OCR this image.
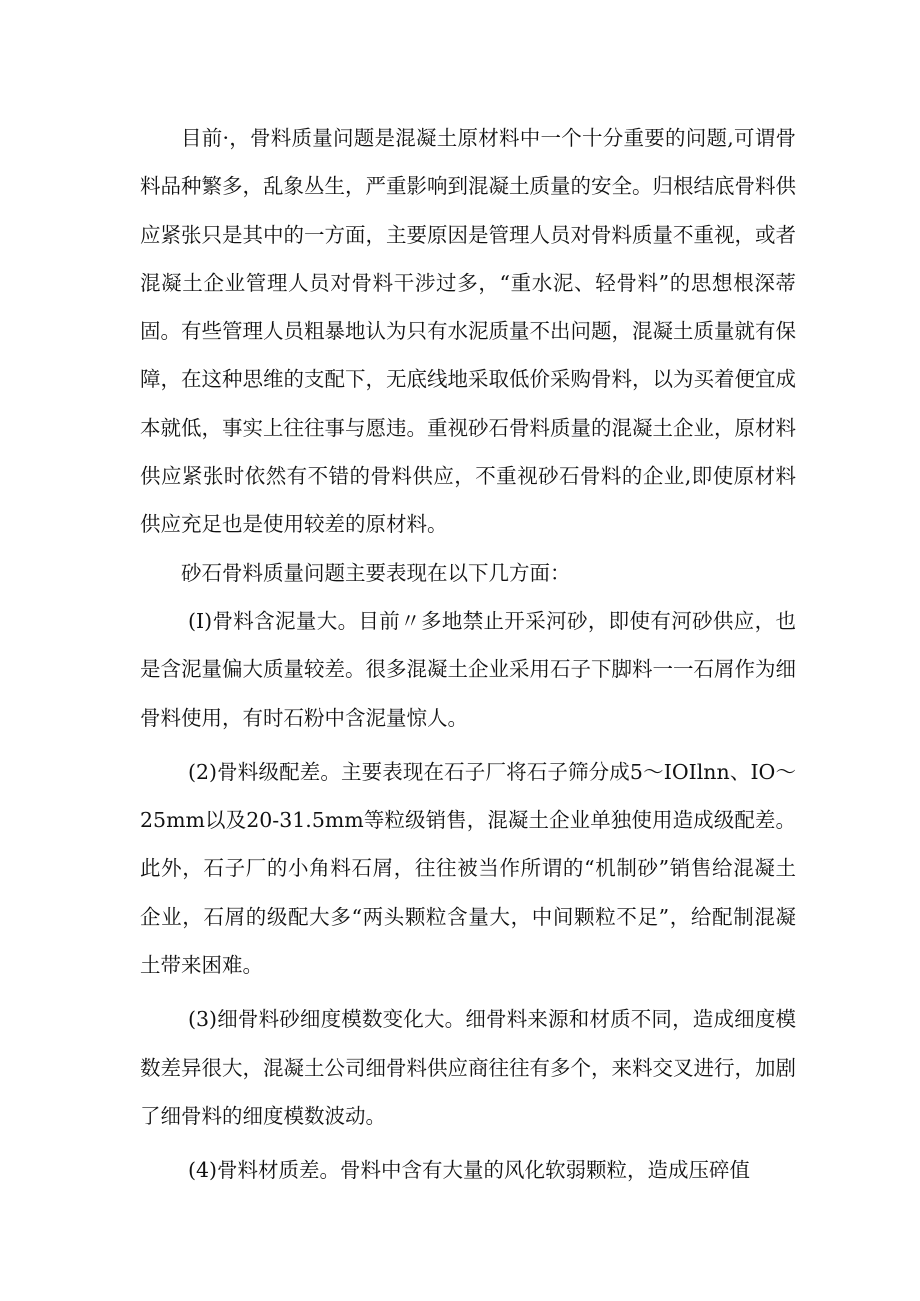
目前·，骨料质量问题是混凝土原材料中一个十分重要的问题,可谓骨料品种繁多，乱象丛生，严重影响到混凝土质量的安全。归根结底骨料供应紧张只是其中的一方面，主要原因是管理人员对骨料质量不重视，或者混凝土企业管理人员对骨料干涉过多，“重水泥、轻骨料”的思想根深蒂固。有些管理人员粗暴地认为只有水泥质量不出问题，混凝土质量就有保障，在这种思维的支配下，无底线地采取低价采购骨料，以为买着便宜成本就低，事实上往往事与愿违。重视砂石骨料质量的混凝土企业，原材料供应紧张时依然有不错的骨料供应，不重视砂石骨料的企业,即使原材料供应充足也是使用较差的原材料。

砂石骨料质量问题主要表现在以下几方面：

(I)骨料含泥量大。目前〃多地禁止开采河砂，即使有河砂供应，也是含泥量偏大质量较差。很多混凝土企业采用石子下脚料一一石屑作为细骨料使用，有时石粉中含泥量惊人。

(2)骨料级配差。主要表现在石子厂将石子筛分成5～IOIlnn、IO～25mm以及20-31.5mm等粒级销售，混凝土企业单独使用造成级配差。此外，石子厂的小角料石屑，往往被当作所谓的“机制砂”销售给混凝土企业，石屑的级配大多“两头颗粒含量大，中间颗粒不足”，给配制混凝土带来困难。

(3)细骨料砂细度模数变化大。细骨料来源和材质不同，造成细度模数差异很大，混凝土公司细骨料供应商往往有多个，来料交叉进行，加剧了细骨料的细度模数波动。

(4)骨料材质差。骨料中含有大量的风化软弱颗粒，造成压碎值
